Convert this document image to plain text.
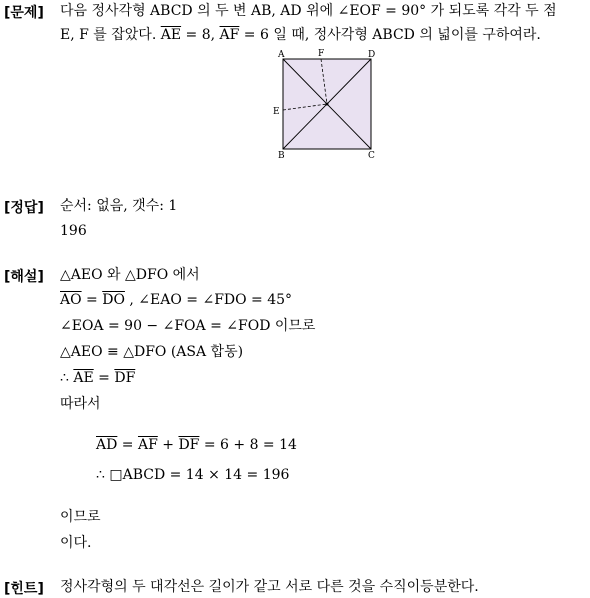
[문제] 다음 정사각형 ABCD 의 두 변 AB, AD 위에 ∠EOF = 90° 가 되도록 각각 두 점
E, F 를 잡았다. $\overline{AE} = 8$, $\overline{AF} = 6$ 일 때, 정사각형 ABCD 의 넓이를 구하여라.
A	F	D
E
B	C
[정답] 순서: 없음, 갯수: 1
196
[해설] △AEO 와 △DFO 에서
$\overline{AO} = \overline{DO}$ , ∠EAO = ∠FDO = 45°
∠EOA = 90 − ∠FOA = ∠FOD 이므로
△AEO ≡ △DFO (ASA 합동)
∴ $\overline{AE} = \overline{DF}$
따라서
$\overline{AD} = \overline{AF} + \overline{DF} = 6 + 8 = 14$
∴ □ABCD = 14 × 14 = 196
이므로
이다.
[힌트] 정사각형의 두 대각선은 길이가 같고 서로 다른 것을 수직이등분한다.
